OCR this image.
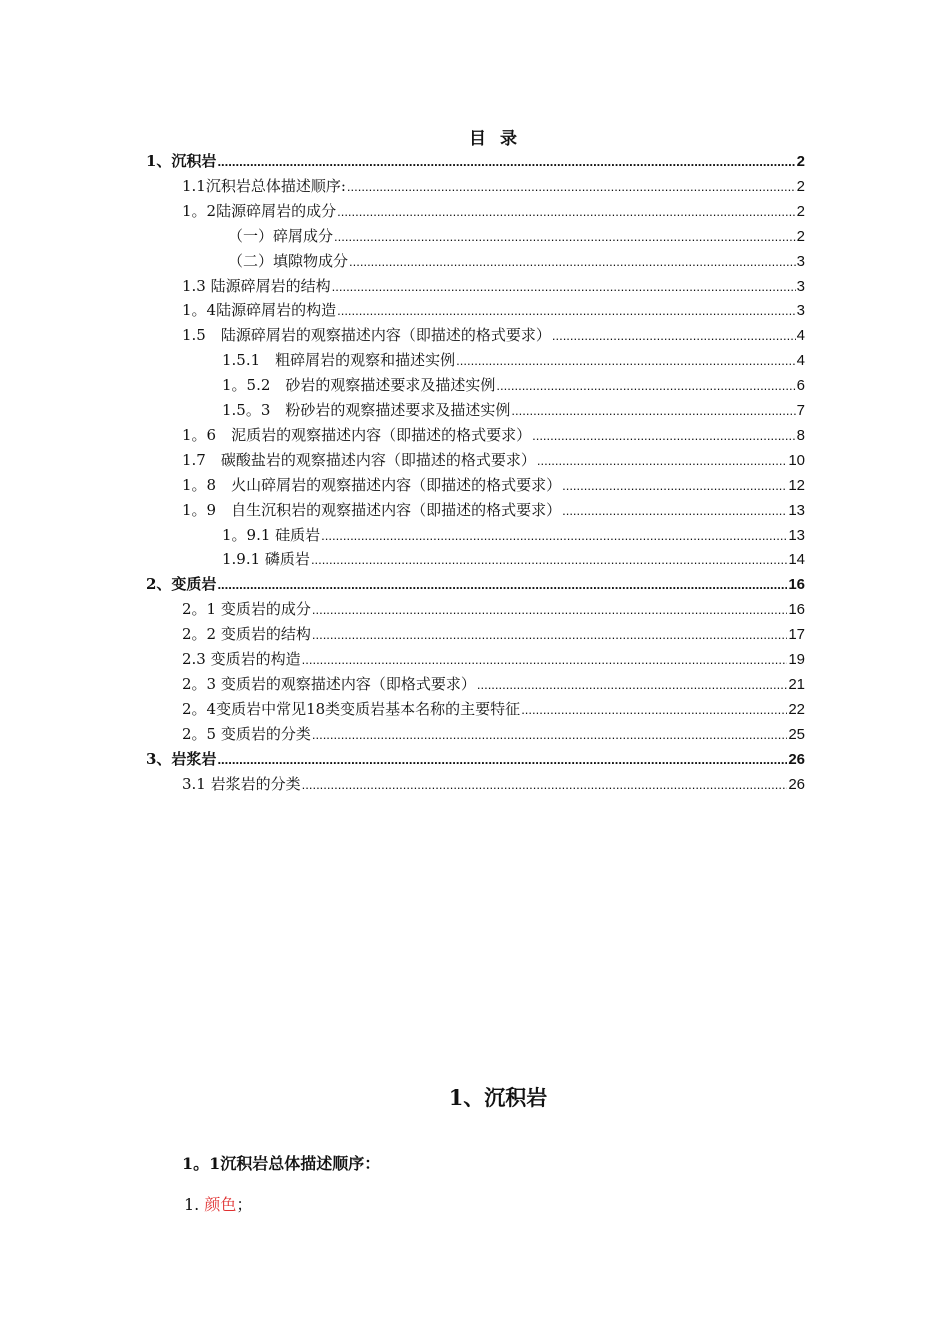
目 录
1、沉积岩 .....	2
1.1沉积岩总体描述顺序: .....	2
1。2陆源碎屑岩的成分 .....	2
（一）碎屑成分 .....	2
（二）填隙物成分 .....	3
1.3 陆源碎屑岩的结构 .....	3
1。4陆源碎屑岩的构造 .....	3
1.5　陆源碎屑岩的观察描述内容（即描述的格式要求） .....	4
1.5.1　粗碎屑岩的观察和描述实例 .....	4
1。5.2　砂岩的观察描述要求及描述实例 .....	6
1.5。3　粉砂岩的观察描述要求及描述实例 .....	7
1。6　泥质岩的观察描述内容（即描述的格式要求） .....	8
1.7　碳酸盐岩的观察描述内容（即描述的格式要求） .....	10
1。8　火山碎屑岩的观察描述内容（即描述的格式要求） .....	12
1。9　自生沉积岩的观察描述内容（即描述的格式要求） .....	13
1。9.1 硅质岩 .....	13
1.9.1 磷质岩 .....	14
2、变质岩 .....	16
2。1 变质岩的成分 .....	16
2。2 变质岩的结构 .....	17
2.3 变质岩的构造 .....	19
2。3 变质岩的观察描述内容（即格式要求） .....	21
2。4变质岩中常见18类变质岩基本名称的主要特征 .....	22
2。5 变质岩的分类 .....	25
3、岩浆岩 .....	26
3.1 岩浆岩的分类 .....	26
1、沉积岩
1。1沉积岩总体描述顺序：
1. 颜色；
